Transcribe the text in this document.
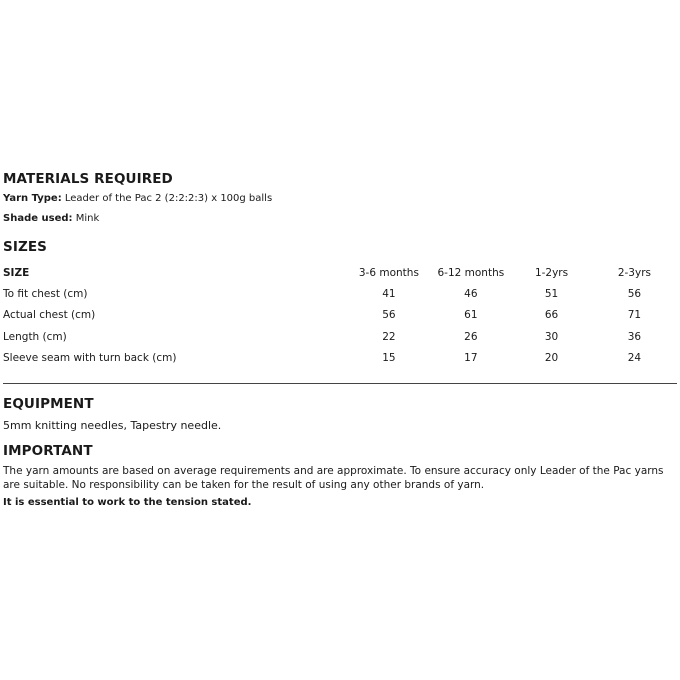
MATERIALS REQUIRED
Yarn Type: Leader of the Pac 2 (2:2:2:3) x 100g balls
Shade used: Mink
SIZES
SIZE	3-6 months	6-12 months	1-2yrs	2-3yrs
To fit chest (cm)	41	46	51	56
Actual chest (cm)	56	61	66	71
Length (cm)	22	26	30	36
Sleeve seam with turn back (cm)	15	17	20	24
EQUIPMENT
5mm knitting needles, Tapestry needle.
IMPORTANT
The yarn amounts are based on average requirements and are approximate. To ensure accuracy only Leader of the Pac yarns are suitable. No responsibility can be taken for the result of using any other brands of yarn.
It is essential to work to the tension stated.
